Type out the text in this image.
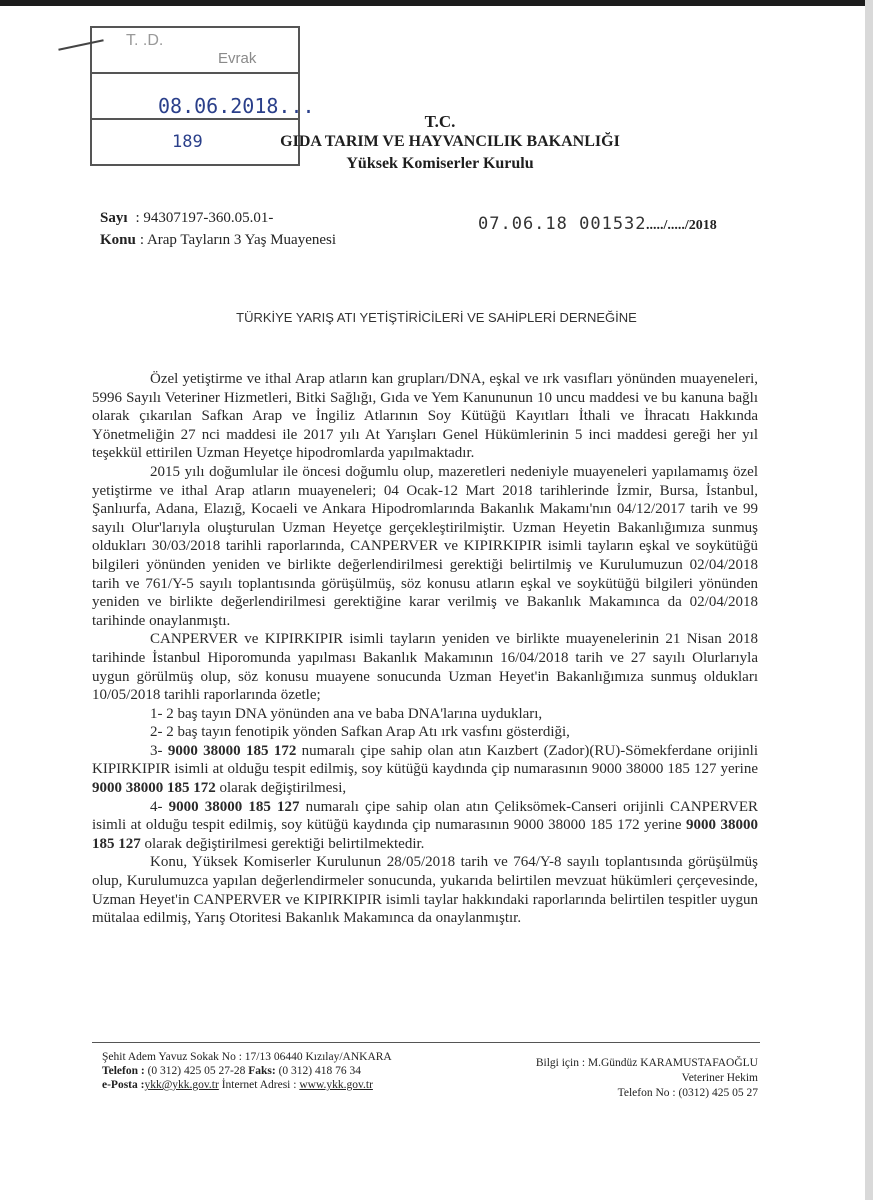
T. .D.
Evrak
08.06.2018...
189
T.C.
GIDA TARIM VE HAYVANCILIK BAKANLIĞI
Yüksek Komiserler Kurulu
Sayı : 94307197-360.05.01-
Konu : Arap Tayların 3 Yaş Muayenesi
07.06.18 001532 ...../...../2018
TÜRKİYE YARIŞ ATI YETİŞTİRİCİLERİ VE SAHİPLERİ DERNEĞİNE

Özel yetiştirme ve ithal Arap atların kan grupları/DNA, eşkal ve ırk vasıfları yönünden muayeneleri, 5996 Sayılı Veteriner Hizmetleri, Bitki Sağlığı, Gıda ve Yem Kanununun 10 uncu maddesi ve bu kanuna bağlı olarak çıkarılan Safkan Arap ve İngiliz Atlarının Soy Kütüğü Kayıtları İthali ve İhracatı Hakkında Yönetmeliğin 27 nci maddesi ile 2017 yılı At Yarışları Genel Hükümlerinin 5 inci maddesi gereği her yıl teşekkül ettirilen Uzman Heyetçe hipodromlarda yapılmaktadır.

2015 yılı doğumlular ile öncesi doğumlu olup, mazeretleri nedeniyle muayeneleri yapılamamış özel yetiştirme ve ithal Arap atların muayeneleri; 04 Ocak-12 Mart 2018 tarihlerinde İzmir, Bursa, İstanbul, Şanlıurfa, Adana, Elazığ, Kocaeli ve Ankara Hipodromlarında Bakanlık Makamı'nın 04/12/2017 tarih ve 99 sayılı Olur'larıyla oluşturulan Uzman Heyetçe gerçekleştirilmiştir. Uzman Heyetin Bakanlığımıza sunmuş oldukları 30/03/2018 tarihli raporlarında, CANPERVER ve KIPIRKIPIR isimli tayların eşkal ve soykütüğü bilgileri yönünden yeniden ve birlikte değerlendirilmesi gerektiği belirtilmiş ve Kurulumuzun 02/04/2018 tarih ve 761/Y-5 sayılı toplantısında görüşülmüş, söz konusu atların eşkal ve soykütüğü bilgileri yönünden yeniden ve birlikte değerlendirilmesi gerektiğine karar verilmiş ve Bakanlık Makamınca da 02/04/2018 tarihinde onaylanmıştı.

CANPERVER ve KIPIRKIPIR isimli tayların yeniden ve birlikte muayenelerinin 21 Nisan 2018 tarihinde İstanbul Hiporomunda yapılması Bakanlık Makamının 16/04/2018 tarih ve 27 sayılı Olurlarıyla uygun görülmüş olup, söz konusu muayene sonucunda Uzman Heyet'in Bakanlığımıza sunmuş oldukları 10/05/2018 tarihli raporlarında özetle;

1- 2 baş tayın DNA yönünden ana ve baba DNA'larına uydukları,

2- 2 baş tayın fenotipik yönden Safkan Arap Atı ırk vasfını gösterdiği,

3- 9000 38000 185 172 numaralı çipe sahip olan atın Kaızbert (Zador)(RU)-Sömekferdane orijinli KIPIRKIPIR isimli at olduğu tespit edilmiş, soy kütüğü kaydında çip numarasının 9000 38000 185 127 yerine 9000 38000 185 172 olarak değiştirilmesi,

4- 9000 38000 185 127 numaralı çipe sahip olan atın Çeliksömek-Canseri orijinli CANPERVER isimli at olduğu tespit edilmiş, soy kütüğü kaydında çip numarasının 9000 38000 185 172 yerine 9000 38000 185 127 olarak değiştirilmesi gerektiği belirtilmektedir.

Konu, Yüksek Komiserler Kurulunun 28/05/2018 tarih ve 764/Y-8 sayılı toplantısında görüşülmüş olup, Kurulumuzca yapılan değerlendirmeler sonucunda, yukarıda belirtilen mevzuat hükümleri çerçevesinde, Uzman Heyet'in CANPERVER ve KIPIRKIPIR isimli taylar hakkındaki raporlarında belirtilen tespitler uygun mütalaa edilmiş, Yarış Otoritesi Bakanlık Makamınca da onaylanmıştır.

Şehit Adem Yavuz Sokak No : 17/13 06440 Kızılay/ANKARA
Telefon : (0 312) 425 05 27-28 Faks: (0 312) 418 76 34
e-Posta :ykk@ykk.gov.tr İnternet Adresi : www.ykk.gov.tr
Bilgi için : M.Gündüz KARAMUSTAFAOĞLU
Veteriner Hekim
Telefon No : (0312) 425 05 27
